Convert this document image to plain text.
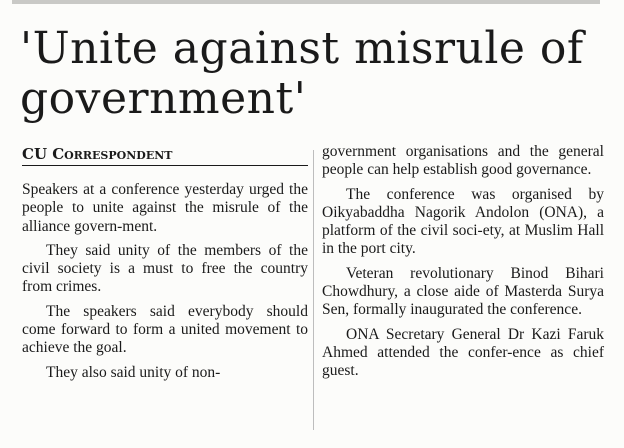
'Unite against misrule of government'
CU Correspondent

Speakers at a conference yesterday urged the people to unite against the misrule of the alliance govern-ment.

They said unity of the members of the civil society is a must to free the country from crimes.

The speakers said everybody should come forward to form a united movement to achieve the goal.

They also said unity of non-

government organisations and the general people can help establish good governance.

The conference was organised by Oikyabaddha Nagorik Andolon (ONA), a platform of the civil soci-ety, at Muslim Hall in the port city.

Veteran revolutionary Binod Bihari Chowdhury, a close aide of Masterda Surya Sen, formally inaugurated the conference.

ONA Secretary General Dr Kazi Faruk Ahmed attended the confer-ence as chief guest.
